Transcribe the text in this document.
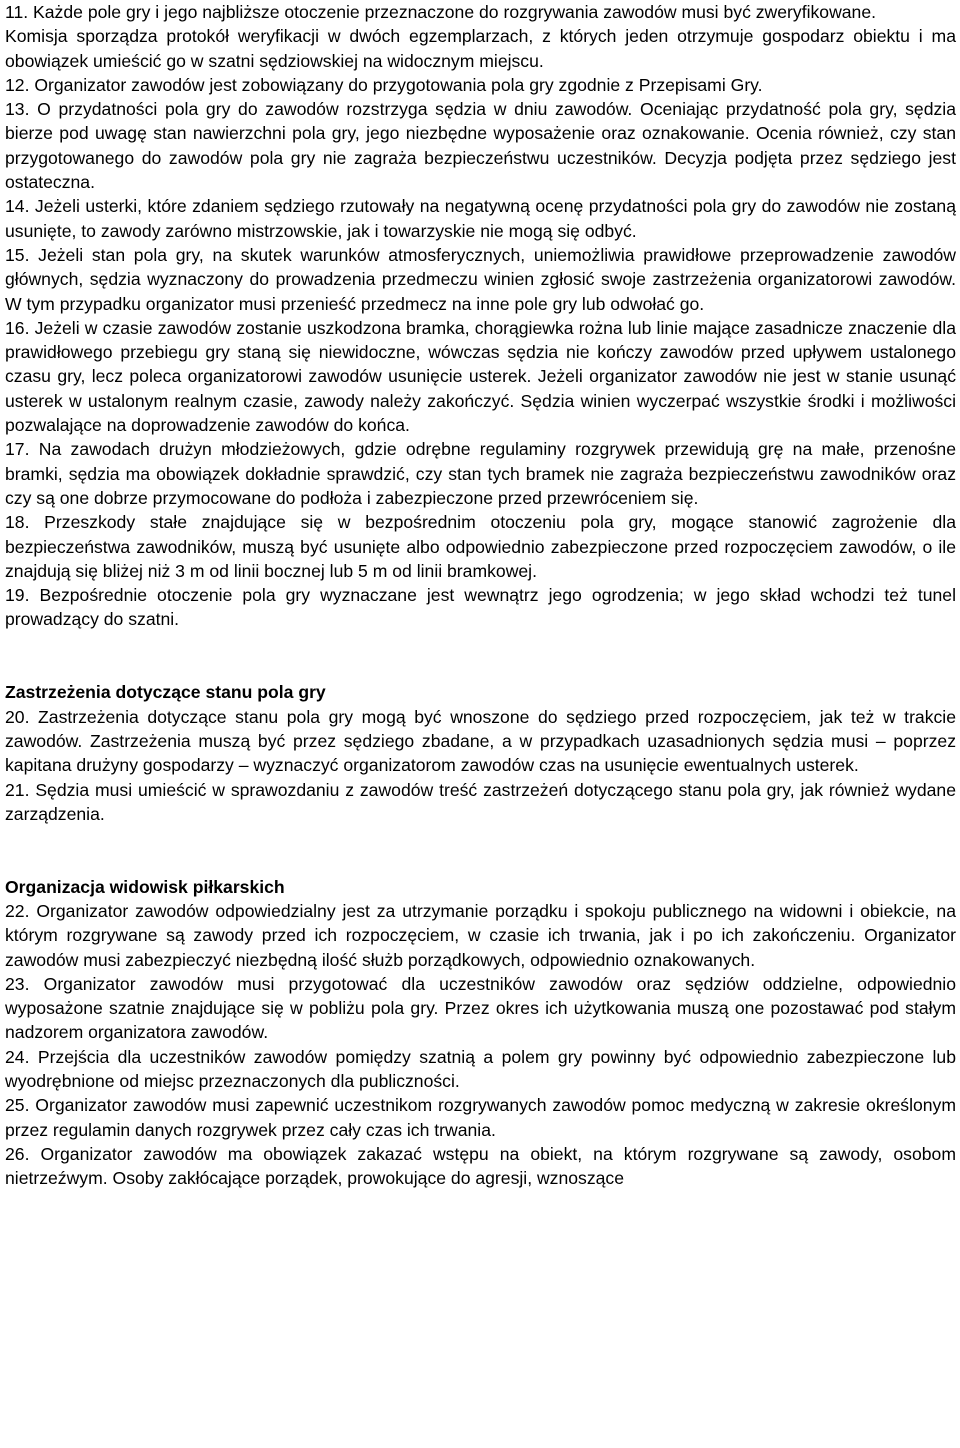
11. Każde pole gry i jego najbliższe otoczenie przeznaczone do rozgrywania zawodów musi być zweryfikowane.

Komisja sporządza protokół weryfikacji w dwóch egzemplarzach, z których jeden otrzymuje gospodarz obiektu i ma obowiązek umieścić go w szatni sędziowskiej na widocznym miejscu.

12. Organizator zawodów jest zobowiązany do przygotowania pola gry zgodnie z Przepisami Gry.

13. O przydatności pola gry do zawodów rozstrzyga sędzia w dniu zawodów. Oceniając przydatność pola gry, sędzia bierze pod uwagę stan nawierzchni pola gry, jego niezbędne wyposażenie oraz oznakowanie. Ocenia również, czy stan przygotowanego do zawodów pola gry nie zagraża bezpieczeństwu uczestników. Decyzja podjęta przez sędziego jest ostateczna.

14. Jeżeli usterki, które zdaniem sędziego rzutowały na negatywną ocenę przydatności pola gry do zawodów nie zostaną usunięte, to zawody zarówno mistrzowskie, jak i towarzyskie nie mogą się odbyć.

15. Jeżeli stan pola gry, na skutek warunków atmosferycznych, uniemożliwia prawidłowe przeprowadzenie zawodów głównych, sędzia wyznaczony do prowadzenia przedmeczu winien zgłosić swoje zastrzeżenia organizatorowi zawodów. W tym przypadku organizator musi przenieść przedmecz na inne pole gry lub odwołać go.

16. Jeżeli w czasie zawodów zostanie uszkodzona bramka, chorągiewka rożna lub linie mające zasadnicze znaczenie dla prawidłowego przebiegu gry staną się niewidoczne, wówczas sędzia nie kończy zawodów przed upływem ustalonego czasu gry, lecz poleca organizatorowi zawodów usunięcie usterek. Jeżeli organizator zawodów nie jest w stanie usunąć usterek w ustalonym realnym czasie, zawody należy zakończyć. Sędzia winien wyczerpać wszystkie środki i możliwości pozwalające na doprowadzenie zawodów do końca.

17. Na zawodach drużyn młodzieżowych, gdzie odrębne regulaminy rozgrywek przewidują grę na małe, przenośne bramki, sędzia ma obowiązek dokładnie sprawdzić, czy stan tych bramek nie zagraża bezpieczeństwu zawodników oraz czy są one dobrze przymocowane do podłoża i zabezpieczone przed przewróceniem się.

18. Przeszkody stałe znajdujące się w bezpośrednim otoczeniu pola gry, mogące stanowić zagrożenie dla bezpieczeństwa zawodników, muszą być usunięte albo odpowiednio zabezpieczone przed rozpoczęciem zawodów, o ile znajdują się bliżej niż 3 m od linii bocznej lub 5 m od linii bramkowej.

19. Bezpośrednie otoczenie pola gry wyznaczane jest wewnątrz jego ogrodzenia; w jego skład wchodzi też tunel prowadzący do szatni.

Zastrzeżenia dotyczące stanu pola gry

20. Zastrzeżenia dotyczące stanu pola gry mogą być wnoszone do sędziego przed rozpoczęciem, jak też w trakcie zawodów. Zastrzeżenia muszą być przez sędziego zbadane, a w przypadkach uzasadnionych sędzia musi – poprzez kapitana drużyny gospodarzy – wyznaczyć organizatorom zawodów czas na usunięcie ewentualnych usterek.

21. Sędzia musi umieścić w sprawozdaniu z zawodów treść zastrzeżeń dotyczącego stanu pola gry, jak również wydane zarządzenia.

Organizacja widowisk piłkarskich

22. Organizator zawodów odpowiedzialny jest za utrzymanie porządku i spokoju publicznego na widowni i obiekcie, na którym rozgrywane są zawody przed ich rozpoczęciem, w czasie ich trwania, jak i po ich zakończeniu. Organizator zawodów musi zabezpieczyć niezbędną ilość służb porządkowych, odpowiednio oznakowanych.

23. Organizator zawodów musi przygotować dla uczestników zawodów oraz sędziów oddzielne, odpowiednio wyposażone szatnie znajdujące się w pobliżu pola gry. Przez okres ich użytkowania muszą one pozostawać pod stałym nadzorem organizatora zawodów.

24. Przejścia dla uczestników zawodów pomiędzy szatnią a polem gry powinny być odpowiednio zabezpieczone lub wyodrębnione od miejsc przeznaczonych dla publiczności.

25. Organizator zawodów musi zapewnić uczestnikom rozgrywanych zawodów pomoc medyczną w zakresie określonym przez regulamin danych rozgrywek przez cały czas ich trwania.

26. Organizator zawodów ma obowiązek zakazać wstępu na obiekt, na którym rozgrywane są zawody, osobom nietrzeźwym. Osoby zakłócające porządek, prowokujące do agresji, wznoszące
